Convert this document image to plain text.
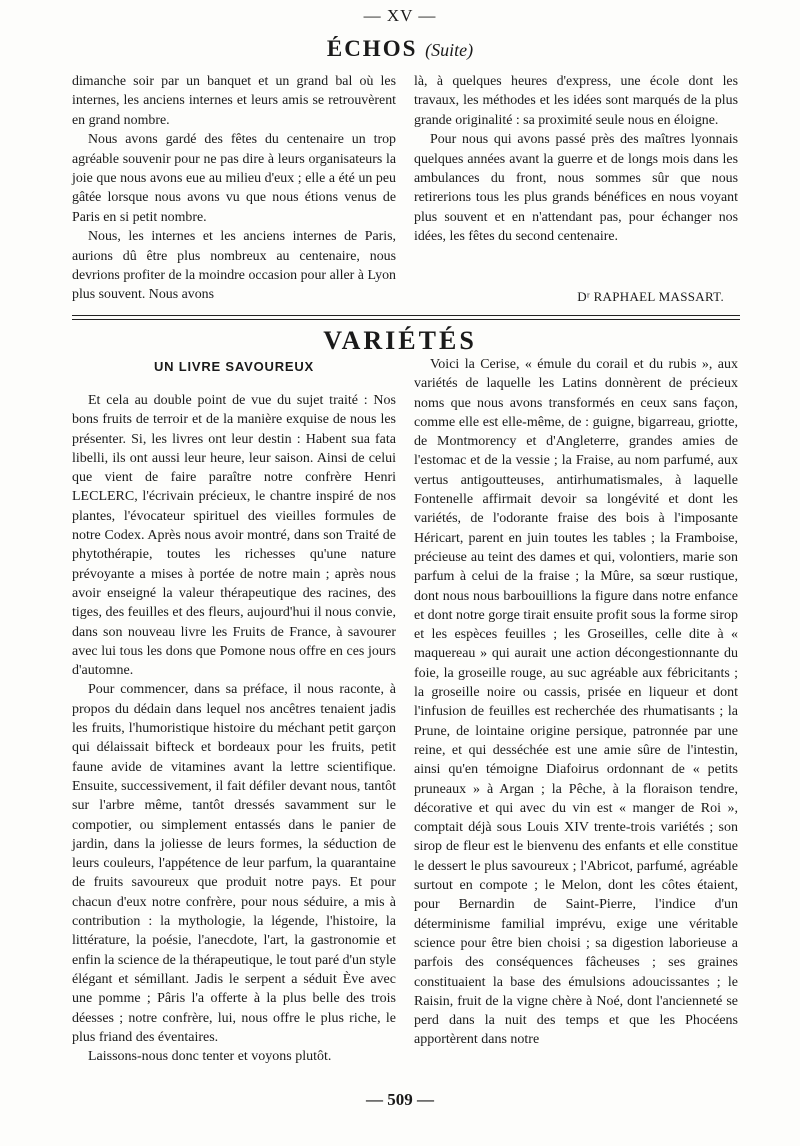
— XV —
ÉCHOS (Suite)

dimanche soir par un banquet et un grand bal où les internes, les anciens internes et leurs amis se retrouvèrent en grand nombre.

Nous avons gardé des fêtes du centenaire un trop agréable souvenir pour ne pas dire à leurs organisateurs la joie que nous avons eue au milieu d'eux ; elle a été un peu gâtée lorsque nous avons vu que nous étions venus de Paris en si petit nombre.

Nous, les internes et les anciens internes de Paris, aurions dû être plus nombreux au centenaire, nous devrions profiter de la moindre occasion pour aller à Lyon plus souvent. Nous avons

là, à quelques heures d'express, une école dont les travaux, les méthodes et les idées sont marqués de la plus grande originalité : sa proximité seule nous en éloigne.

Pour nous qui avons passé près des maîtres lyonnais quelques années avant la guerre et de longs mois dans les ambulances du front, nous sommes sûr que nous retirerions tous les plus grands bénéfices en nous voyant plus souvent et en n'attendant pas, pour échanger nos idées, les fêtes du second centenaire.

Dʳ RAPHAEL MASSART.
VARIÉTÉS
UN LIVRE SAVOUREUX

Et cela au double point de vue du sujet traité : Nos bons fruits de terroir et de la manière exquise de nous les présenter. Si, les livres ont leur destin : Habent sua fata libelli, ils ont aussi leur heure, leur saison. Ainsi de celui que vient de faire paraître notre confrère Henri LECLERC, l'écrivain précieux, le chantre inspiré de nos plantes, l'évocateur spirituel des vieilles formules de notre Codex. Après nous avoir montré, dans son Traité de phytothérapie, toutes les richesses qu'une nature prévoyante a mises à portée de notre main ; après nous avoir enseigné la valeur thérapeutique des racines, des tiges, des feuilles et des fleurs, aujourd'hui il nous convie, dans son nouveau livre les Fruits de France, à savourer avec lui tous les dons que Pomone nous offre en ces jours d'automne.

Pour commencer, dans sa préface, il nous raconte, à propos du dédain dans lequel nos ancêtres tenaient jadis les fruits, l'humoristique histoire du méchant petit garçon qui délaissait bifteck et bordeaux pour les fruits, petit faune avide de vitamines avant la lettre scientifique. Ensuite, successivement, il fait défiler devant nous, tantôt sur l'arbre même, tantôt dressés savamment sur le compotier, ou simplement entassés dans le panier de jardin, dans la joliesse de leurs formes, la séduction de leurs couleurs, l'appétence de leur parfum, la quarantaine de fruits savoureux que produit notre pays. Et pour chacun d'eux notre confrère, pour nous séduire, a mis à contribution : la mythologie, la légende, l'histoire, la littérature, la poésie, l'anecdote, l'art, la gastronomie et enfin la science de la thérapeutique, le tout paré d'un style élégant et sémillant. Jadis le serpent a séduit Ève avec une pomme ; Pâris l'a offerte à la plus belle des trois déesses ; notre confrère, lui, nous offre le plus riche, le plus friand des éventaires.

Laissons-nous donc tenter et voyons plutôt.

Voici la Cerise, « émule du corail et du rubis », aux variétés de laquelle les Latins donnèrent de précieux noms que nous avons transformés en ceux sans façon, comme elle est elle-même, de : guigne, bigarreau, griotte, de Montmorency et d'Angleterre, grandes amies de l'estomac et de la vessie ; la Fraise, au nom parfumé, aux vertus antigoutteuses, antirhumatismales, à laquelle Fontenelle affirmait devoir sa longévité et dont les variétés, de l'odorante fraise des bois à l'imposante Héricart, parent en juin toutes les tables ; la Framboise, précieuse au teint des dames et qui, volontiers, marie son parfum à celui de la fraise ; la Mûre, sa sœur rustique, dont nous nous barbouillions la figure dans notre enfance et dont notre gorge tirait ensuite profit sous la forme sirop et les espèces feuilles ; les Groseilles, celle dite à « maquereau » qui aurait une action décongestionnante du foie, la groseille rouge, au suc agréable aux fébricitants ; la groseille noire ou cassis, prisée en liqueur et dont l'infusion de feuilles est recherchée des rhumatisants ; la Prune, de lointaine origine persique, patronnée par une reine, et qui desséchée est une amie sûre de l'intestin, ainsi qu'en témoigne Diafoirus ordonnant de « petits pruneaux » à Argan ; la Pêche, à la floraison tendre, décorative et qui avec du vin est « manger de Roi », comptait déjà sous Louis XIV trente-trois variétés ; son sirop de fleur est le bienvenu des enfants et elle constitue le dessert le plus savoureux ; l'Abricot, parfumé, agréable surtout en compote ; le Melon, dont les côtes étaient, pour Bernardin de Saint-Pierre, l'indice d'un déterminisme familial imprévu, exige une véritable science pour être bien choisi ; sa digestion laborieuse a parfois des conséquences fâcheuses ; ses graines constituaient la base des émulsions adoucissantes ; le Raisin, fruit de la vigne chère à Noé, dont l'ancienneté se perd dans la nuit des temps et que les Phocéens apportèrent dans notre

— 509 —
